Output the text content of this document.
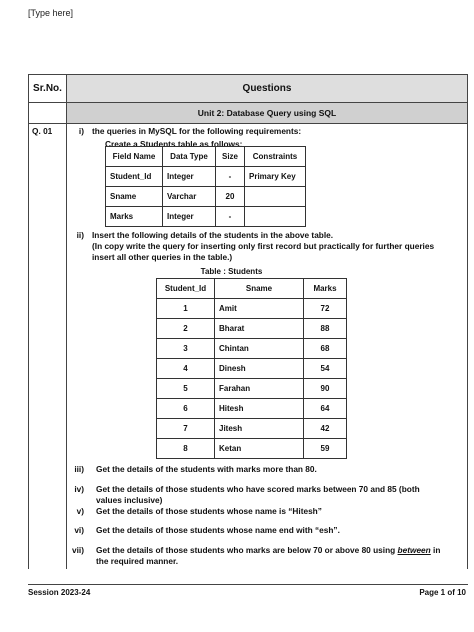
[Type here]
Sr.No.	Questions
Unit 2: Database Query using SQL
Q. 01	i) the queries in MySQL for the following requirements:
Create a Students table as follows:
Field Name	Data Type	Size	Constraints
Student_Id	Integer	-	Primary Key
Sname	Varchar	20	
Marks	Integer	-	
ii) Insert the following details of the students in the above table.
(In copy write the query for inserting only first record but practically for further queries
insert all other queries in the table.)
Table : Students
Student_Id	Sname	Marks
1	Amit	72
2	Bharat	88
3	Chintan	68
4	Dinesh	54
5	Farahan	90
6	Hitesh	64
7	Jitesh	42
8	Ketan	59
iii) Get the details of the students with marks more than 80.
iv) Get the details of those students who have scored marks between 70 and 85 (both
values inclusive)
v) Get the details of those students whose name is “Hitesh”
vi) Get the details of those students whose name end with “esh”.
vii) Get the details of those students who marks are below 70 or above 80 using between in
the required manner.
Session 2023-24	Page 1 of 10
